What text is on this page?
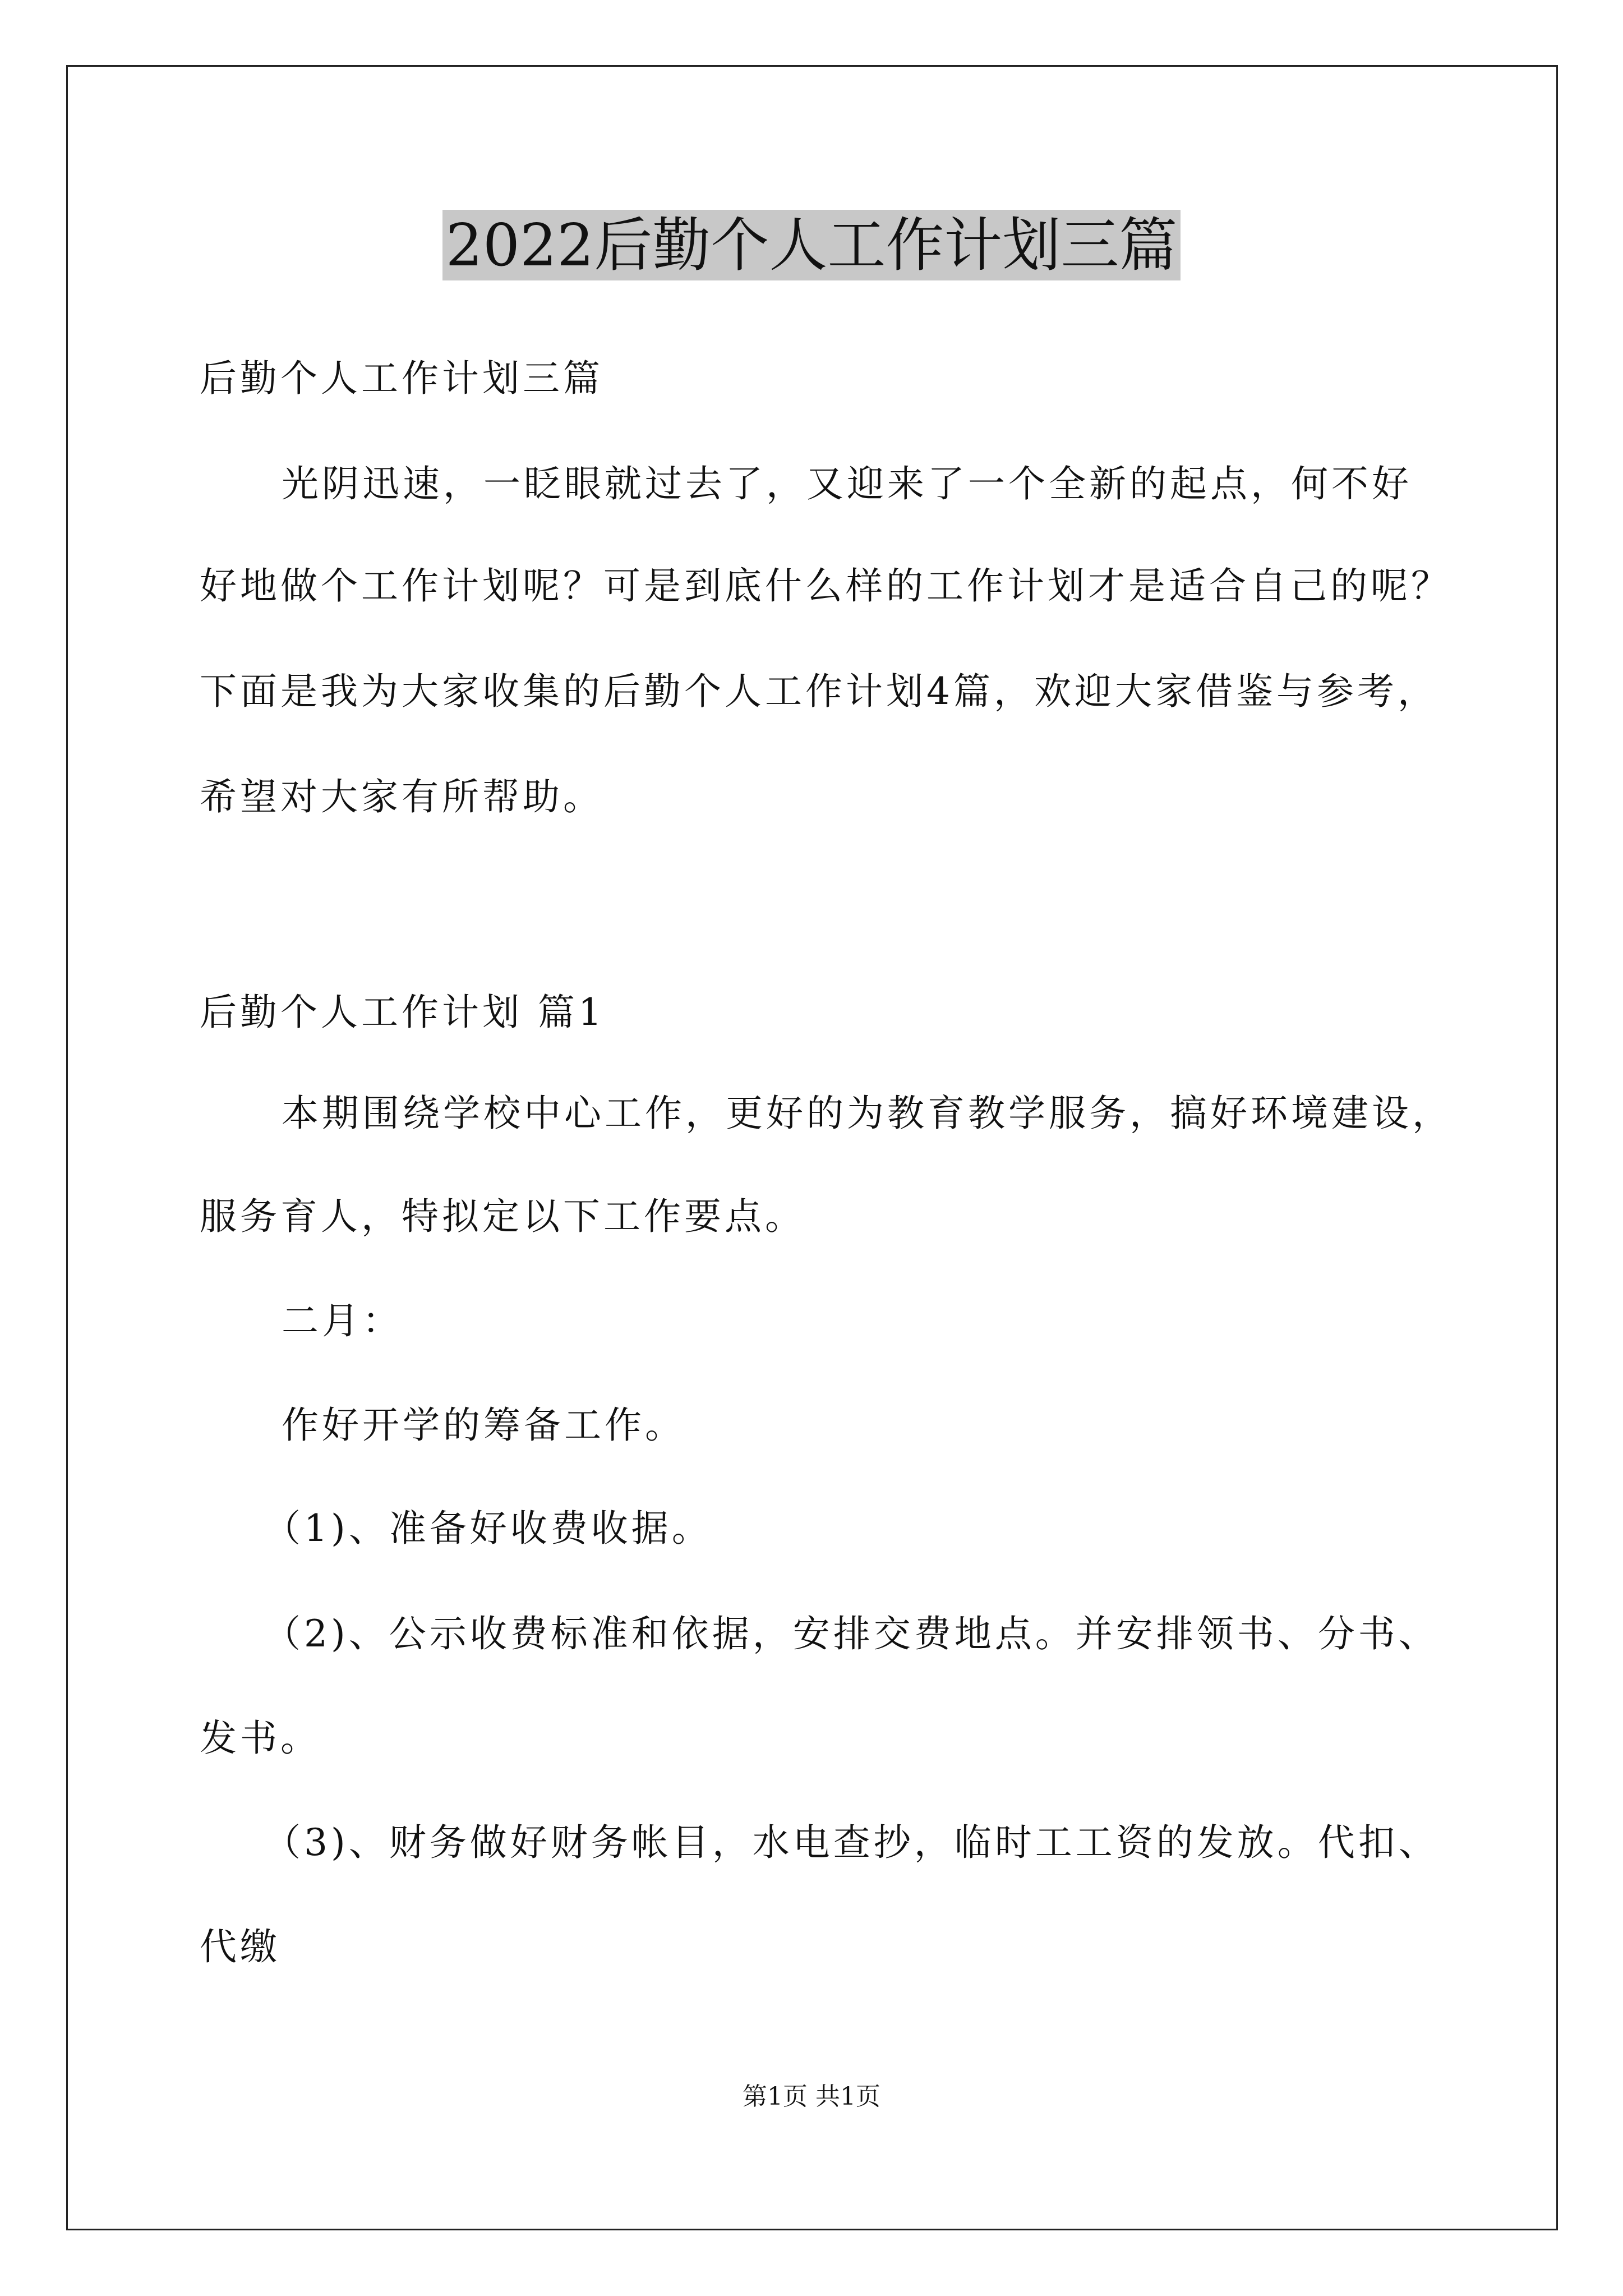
2022后勤个人工作计划三篇
后勤个人工作计划三篇
光阴迅速，一眨眼就过去了，又迎来了一个全新的起点，何不好
好地做个工作计划呢？可是到底什么样的工作计划才是适合自己的呢？
下面是我为大家收集的后勤个人工作计划4篇，欢迎大家借鉴与参考，
希望对大家有所帮助。
后勤个人工作计划 篇1
本期围绕学校中心工作，更好的为教育教学服务，搞好环境建设，
服务育人，特拟定以下工作要点。
二月：
作好开学的筹备工作。
（1)、准备好收费收据。
（2)、公示收费标准和依据，安排交费地点。并安排领书、分书、
发书。
（3)、财务做好财务帐目，水电查抄，临时工工资的发放。代扣、
代缴
第1页 共1页
